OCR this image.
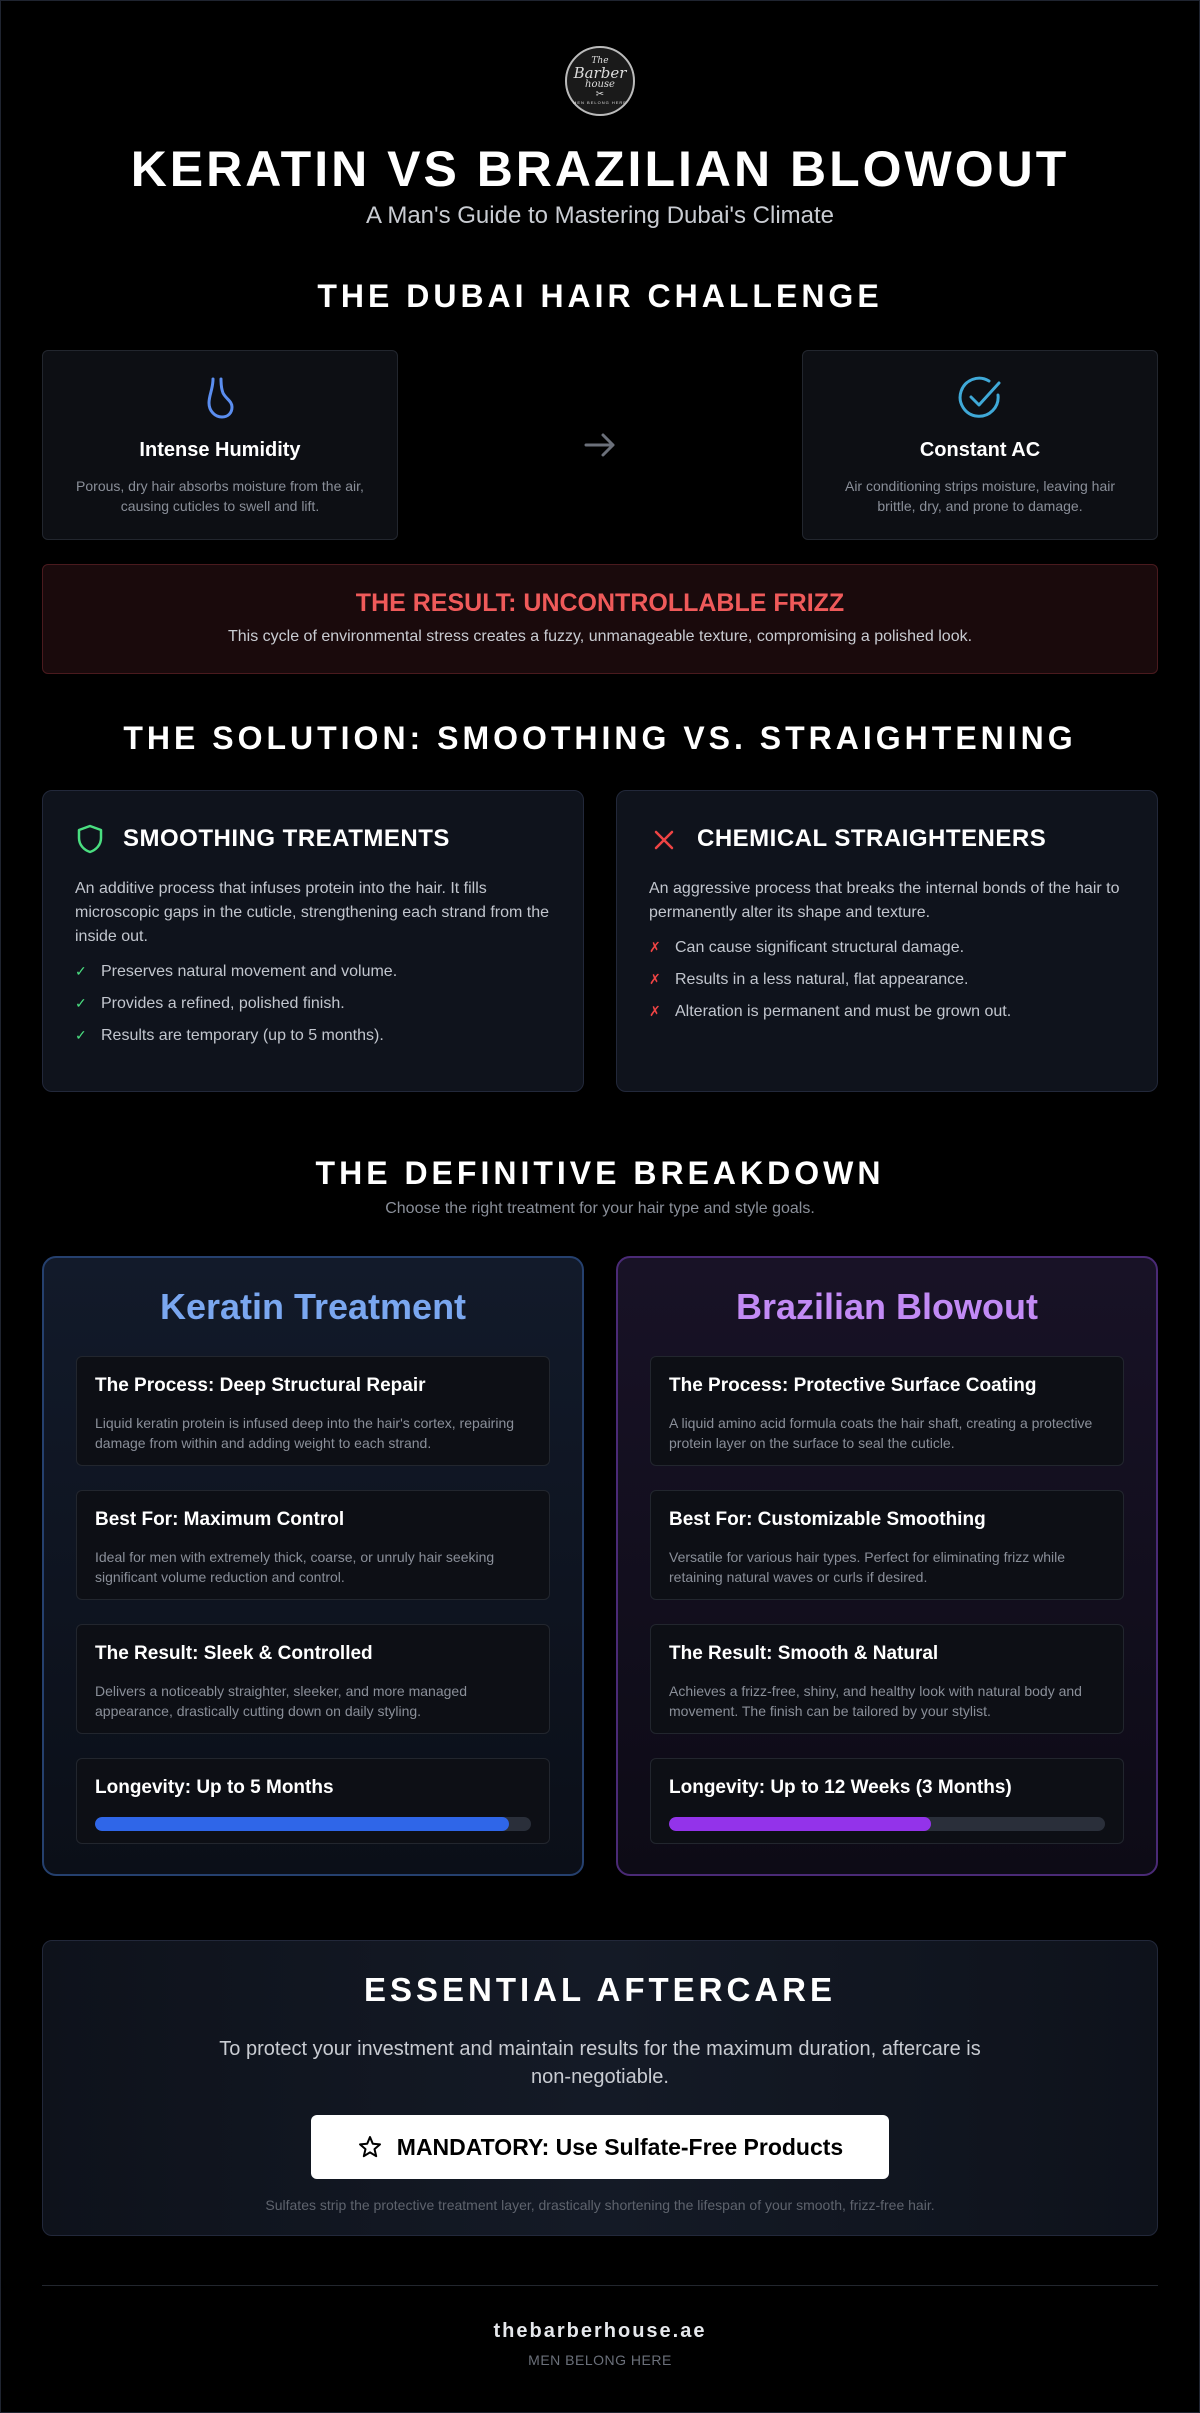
The
Barber
house
✂
MEN BELONG HERE
KERATIN VS BRAZILIAN BLOWOUT
A Man's Guide to Mastering Dubai's Climate
THE DUBAI HAIR CHALLENGE
Intense Humidity
Porous, dry hair absorbs moisture from the air, causing cuticles to swell and lift.
Constant AC
Air conditioning strips moisture, leaving hair brittle, dry, and prone to damage.
THE RESULT: UNCONTROLLABLE FRIZZ
This cycle of environmental stress creates a fuzzy, unmanageable texture, compromising a polished look.
THE SOLUTION: SMOOTHING VS. STRAIGHTENING
SMOOTHING TREATMENTS
An additive process that infuses protein into the hair. It fills microscopic gaps in the cuticle, strengthening each strand from the inside out.
✓ Preserves natural movement and volume.
✓ Provides a refined, polished finish.
✓ Results are temporary (up to 5 months).
CHEMICAL STRAIGHTENERS
An aggressive process that breaks the internal bonds of the hair to permanently alter its shape and texture.
✗ Can cause significant structural damage.
✗ Results in a less natural, flat appearance.
✗ Alteration is permanent and must be grown out.
THE DEFINITIVE BREAKDOWN
Choose the right treatment for your hair type and style goals.
Keratin Treatment
The Process: Deep Structural Repair
Liquid keratin protein is infused deep into the hair's cortex, repairing damage from within and adding weight to each strand.
Best For: Maximum Control
Ideal for men with extremely thick, coarse, or unruly hair seeking significant volume reduction and control.
The Result: Sleek & Controlled
Delivers a noticeably straighter, sleeker, and more managed appearance, drastically cutting down on daily styling.
Longevity: Up to 5 Months
Brazilian Blowout
The Process: Protective Surface Coating
A liquid amino acid formula coats the hair shaft, creating a protective protein layer on the surface to seal the cuticle.
Best For: Customizable Smoothing
Versatile for various hair types. Perfect for eliminating frizz while retaining natural waves or curls if desired.
The Result: Smooth & Natural
Achieves a frizz-free, shiny, and healthy look with natural body and movement. The finish can be tailored by your stylist.
Longevity: Up to 12 Weeks (3 Months)
ESSENTIAL AFTERCARE
To protect your investment and maintain results for the maximum duration, aftercare is non-negotiable.
MANDATORY: Use Sulfate-Free Products
Sulfates strip the protective treatment layer, drastically shortening the lifespan of your smooth, frizz-free hair.
thebarberhouse.ae
MEN BELONG HERE
